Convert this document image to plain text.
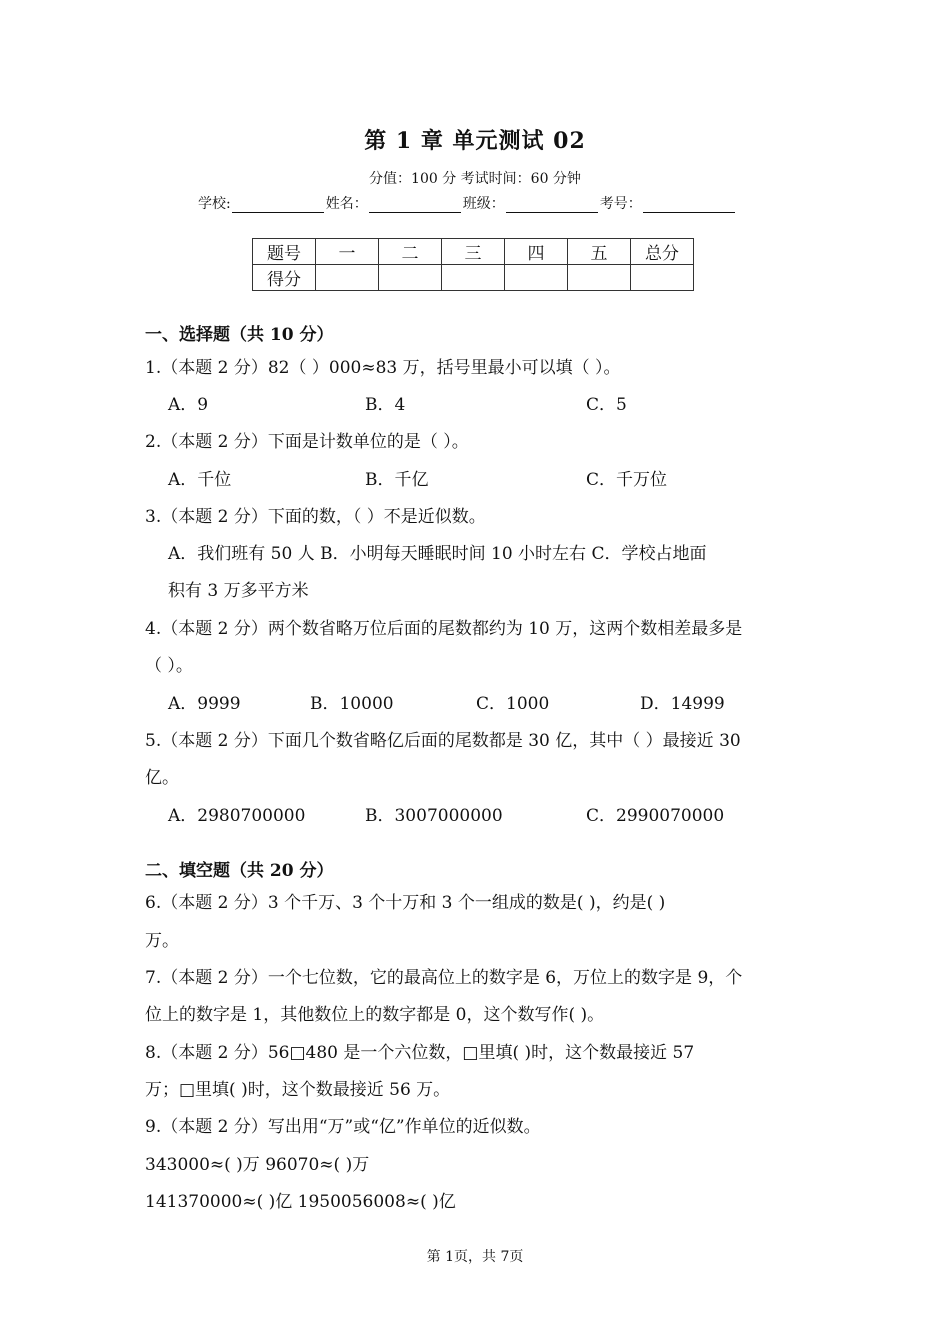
第 1 章 单元测试 02
分值：100 分 考试时间：60 分钟
学校:	姓名：	班级：	考号：
题号	一	二	三	四	五	总分
得分						
一、选择题（共 10 分）
1.（本题 2 分）82（ ）000≈83 万，括号里最小可以填（ ）。
A．9	B．4	C．5
2.（本题 2 分）下面是计数单位的是（ ）。
A．千位	B．千亿	C．千万位
3.（本题 2 分）下面的数，（ ）不是近似数。
A．我们班有 50 人 B．小明每天睡眠时间 10 小时左右 C．学校占地面
积有 3 万多平方米
4.（本题 2 分）两个数省略万位后面的尾数都约为 10 万，这两个数相差最多是
（ ）。
A．9999	B．10000	C．1000	D．14999
5.（本题 2 分）下面几个数省略亿后面的尾数都是 30 亿，其中（ ）最接近 30
亿。
A．2980700000	B．3007000000	C．2990070000
二、填空题（共 20 分）
6.（本题 2 分）3 个千万、3 个十万和 3 个一组成的数是( )，约是( )
万。
7.（本题 2 分）一个七位数，它的最高位上的数字是 6，万位上的数字是 9，个
位上的数字是 1，其他数位上的数字都是 0，这个数写作( )。
8.（本题 2 分）56□480 是一个六位数，□里填( )时，这个数最接近 57
万；□里填( )时，这个数最接近 56 万。
9.（本题 2 分）写出用“万”或“亿”作单位的近似数。
343000≈( )万 96070≈( )万
141370000≈( )亿 1950056008≈( )亿
第 1页，共 7页
